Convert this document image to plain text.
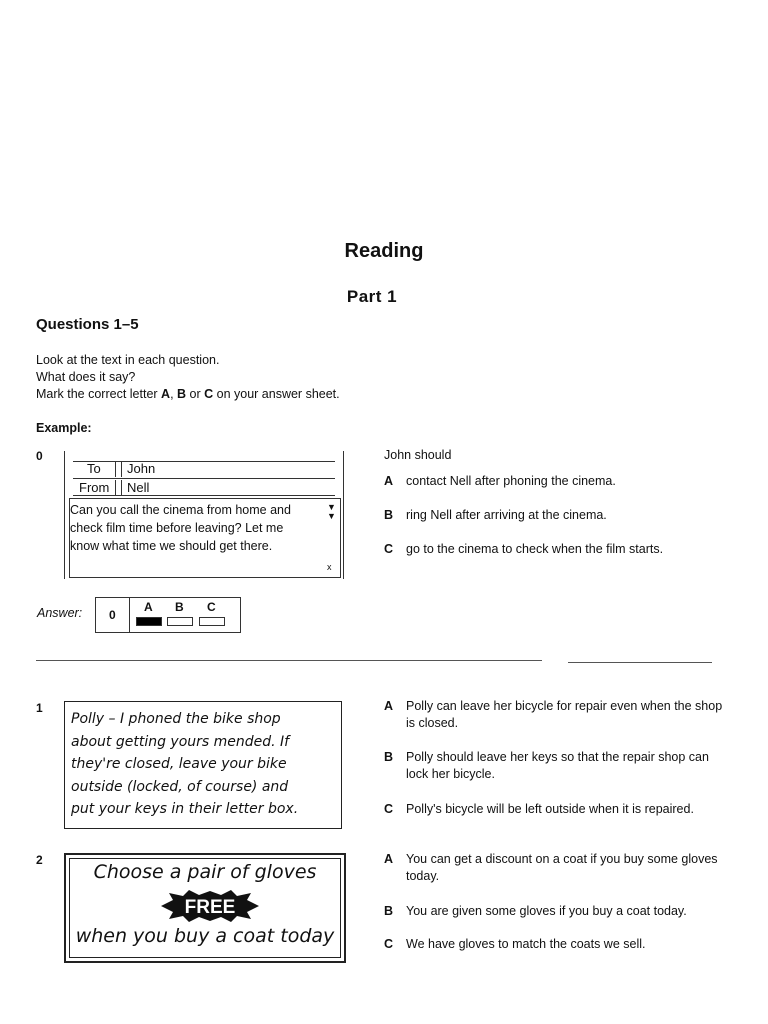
Reading
Part 1
Questions 1–5
Look at the text in each question.
What does it say?
Mark the correct letter A, B or C on your answer sheet.
Example:
0
To John
From Nell
Can you call the cinema from home and check film time before leaving? Let me know what time we should get there.
▼
▼
x
John should
A contact Nell after phoning the cinema.
B ring Nell after arriving at the cinema.
C go to the cinema to check when the film starts.
Answer: 0
A B C
1
Polly – I phoned the bike shop
about getting yours mended. If
they're closed, leave your bike
outside (locked, of course) and
put your keys in their letter box.
A Polly can leave her bicycle for repair even when the shop is closed.
B Polly should leave her keys so that the repair shop can lock her bicycle.
C Polly's bicycle will be left outside when it is repaired.
2
Choose a pair of gloves
FREE
when you buy a coat today
A You can get a discount on a coat if you buy some gloves today.
B You are given some gloves if you buy a coat today.
C We have gloves to match the coats we sell.
